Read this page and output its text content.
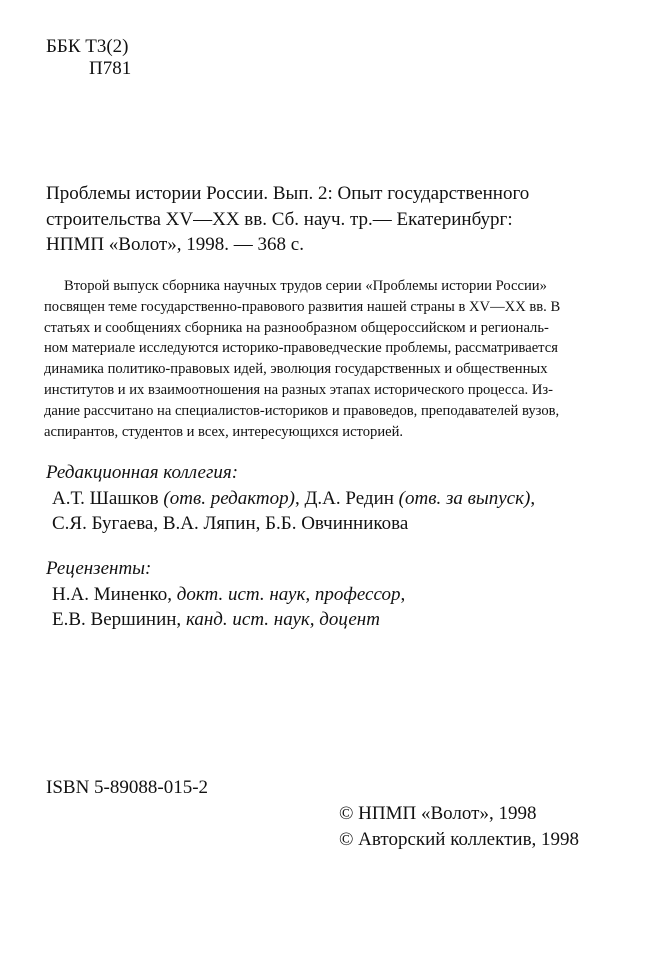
ББК Т3(2)
П781
Проблемы истории России. Вып. 2: Опыт государственного
строительства XV—XX вв. Сб. науч. тр.— Екатеринбург:
НПМП «Волот», 1998. — 368 с.
Второй выпуск сборника научных трудов серии «Проблемы истории России»
посвящен теме государственно-правового развития нашей страны в XV—XX вв. В
статьях и сообщениях сборника на разнообразном общероссийском и региональ-
ном материале исследуются историко-правоведческие проблемы, рассматривается
динамика политико-правовых идей, эволюция государственных и общественных
институтов и их взаимоотношения на разных этапах исторического процесса. Из-
дание рассчитано на специалистов-историков и правоведов, преподавателей вузов,
аспирантов, студентов и всех, интересующихся историей.
Редакционная коллегия:
А.Т. Шашков (отв. редактор), Д.А. Редин (отв. за выпуск),
С.Я. Бугаева, В.А. Ляпин, Б.Б. Овчинникова
Рецензенты:
Н.А. Миненко, докт. ист. наук, профессор,
Е.В. Вершинин, канд. ист. наук, доцент
ISBN 5-89088-015-2
© НПМП «Волот», 1998
© Авторский коллектив, 1998
